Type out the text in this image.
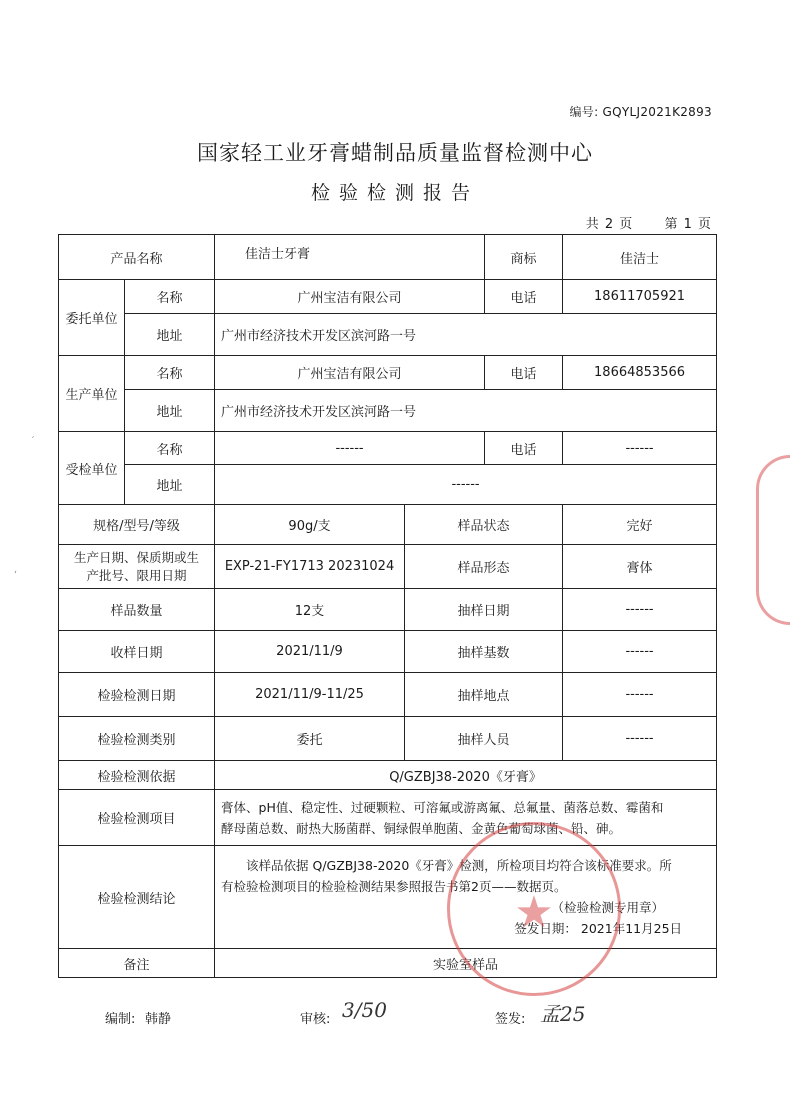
编号: GQYLJ2021K2893
国家轻工业牙膏蜡制品质量监督检测中心
检验检测报告
共 2 页 第 1 页
产品名称		佳洁士牙膏		商标	佳洁士
委托单位	名称	广州宝洁有限公司		电话	18611705921
	地址	广州市经济技术开发区滨河路一号			
生产单位	名称	广州宝洁有限公司		电话	18664853566
	地址	广州市经济技术开发区滨河路一号			
受检单位	名称	------		电话	------
	地址	------			
规格/型号/等级		90g/支	样品状态		完好

生产日期、保质期或生
产批号、限用日期		EXP-21-FY1713 20231024	样品形态		膏体
样品数量		12支	抽样日期		------
收样日期		2021/11/9	抽样基数		------
检验检测日期		2021/11/9-11/25	抽样地点		------
检验检测类别		委托	抽样人员		------
检验检测依据		Q/GZBJ38-2020《牙膏》			
检验检测项目		膏体、pH值、稳定性、过硬颗粒、可溶氟或游离氟、总氟量、菌落总数、霉菌和
酵母菌总数、耐热大肠菌群、铜绿假单胞菌、金黄色葡萄球菌、铅、砷。			

检验检测结论		该样品依据 Q/GZBJ38-2020《牙膏》检测，所检项目均符合该标准要求。所
有检验检测项目的检验检测结果参照报告书第2页——数据页。
（检验检测专用章）
签发日期： 2021年11月25日			

备注		实验室样品			
编制: 韩静	审核: 3/50	签发: 孟25
★
ˊ
ʻ
